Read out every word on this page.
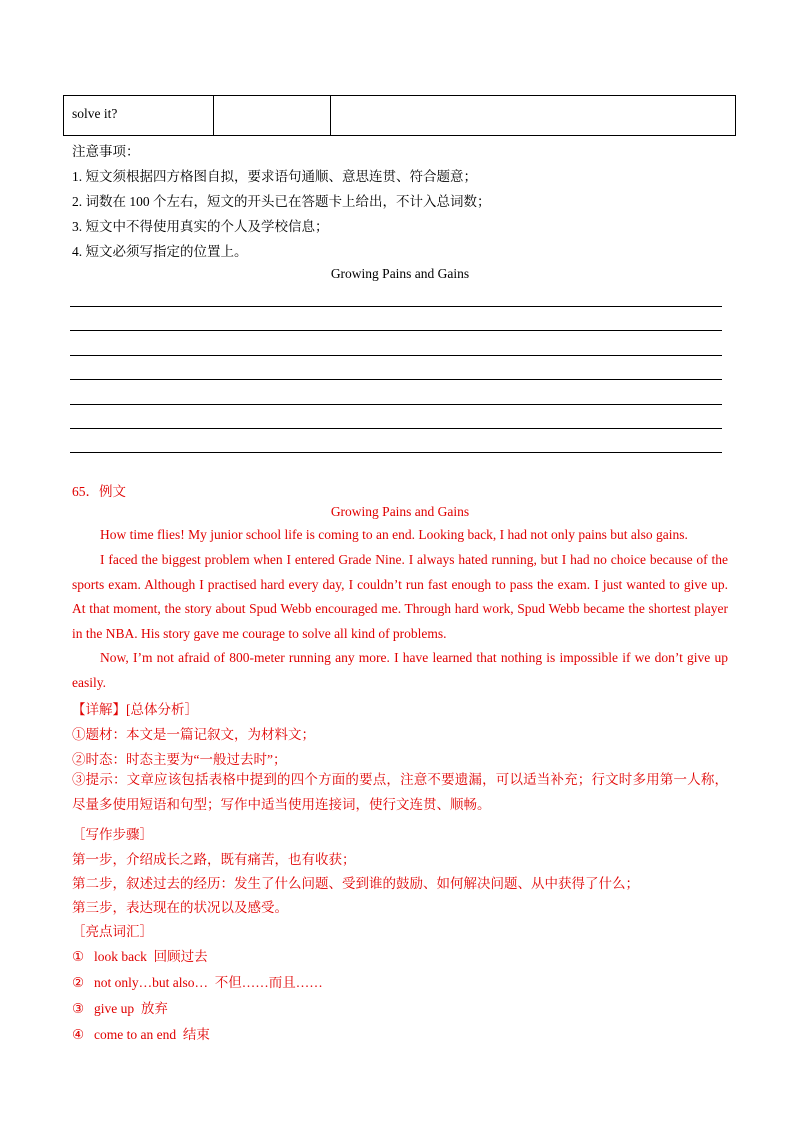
solve it?
注意事项：
1. 短文须根据四方格图自拟，要求语句通顺、意思连贯、符合题意；
2. 词数在 100 个左右，短文的开头已在答题卡上给出，不计入总词数；
3. 短文中不得使用真实的个人及学校信息；
4. 短文必须写指定的位置上。
Growing Pains and Gains
65．例文
Growing Pains and Gains
How time flies! My junior school life is coming to an end. Looking back, I had not only pains but also gains.
I faced the biggest problem when I entered Grade Nine. I always hated running, but I had no choice because of the sports exam. Although I practised hard every day, I couldn’t run fast enough to pass the exam. I just wanted to give up. At that moment, the story about Spud Webb encouraged me. Through hard work, Spud Webb became the shortest player in the NBA. His story gave me courage to solve all kind of problems.
Now, I’m not afraid of 800-meter running any more. I have learned that nothing is impossible if we don’t give up easily.
【详解】[总体分析］
①题材：本文是一篇记叙文，为材料文；
②时态：时态主要为“一般过去时”；
③提示：文章应该包括表格中提到的四个方面的要点，注意不要遗漏，可以适当补充；行文时多用第一人称，尽量多使用短语和句型；写作中适当使用连接词，使行文连贯、顺畅。
［写作步骤］
第一步，介绍成长之路，既有痛苦，也有收获；
第二步，叙述过去的经历：发生了什么问题、受到谁的鼓励、如何解决问题、从中获得了什么；
第三步，表达现在的状况以及感受。
［亮点词汇］
① look back  回顾过去
② not only…but also…  不但……而且……
③ give up  放弃
④ come to an end  结束
